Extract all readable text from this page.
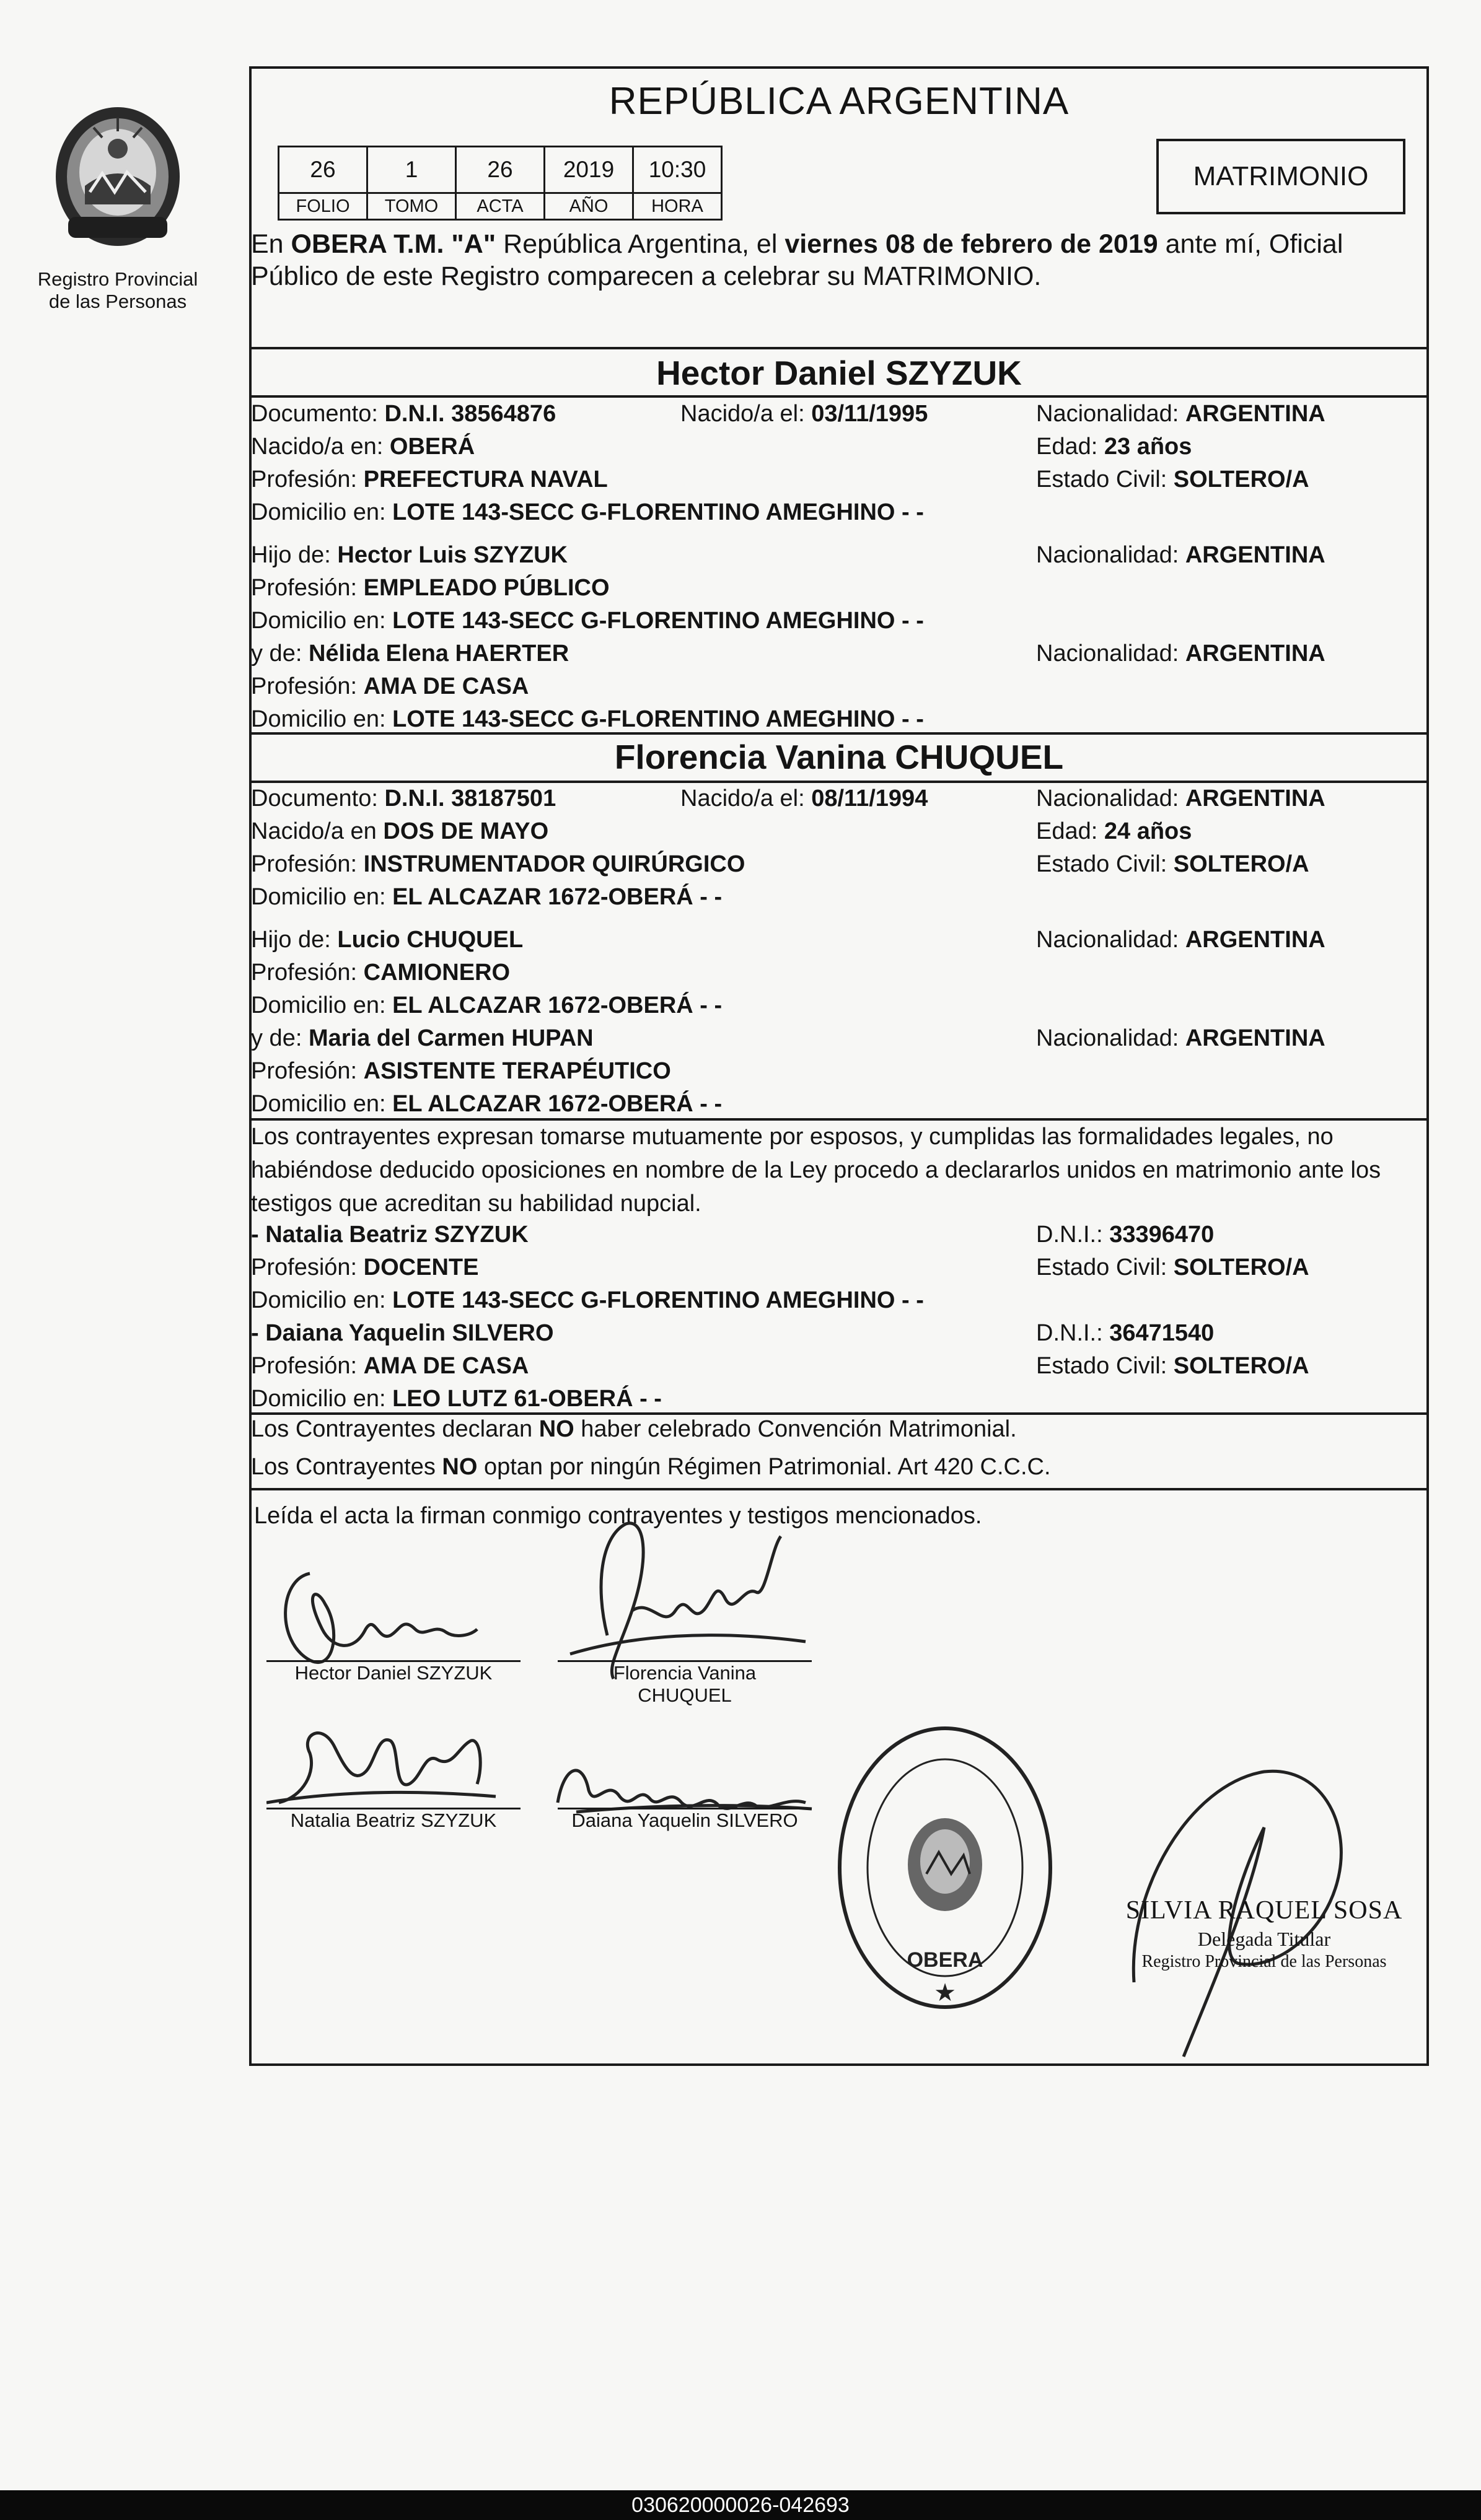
Registro Provincial
de las Personas
REPÚBLICA ARGENTINA
26	1	26	2019	10:30
FOLIO	TOMO	ACTA	AÑO	HORA
MATRIMONIO
En OBERA T.M. "A" República Argentina, el viernes 08 de febrero de 2019 ante mí, Oficial Público de este Registro comparecen a celebrar su MATRIMONIO.
Hector Daniel SZYZUK
Documento: D.N.I. 38564876	Nacido/a el: 03/11/1995	Nacionalidad: ARGENTINA
Nacido/a en: OBERÁ	Edad: 23 años
Profesión: PREFECTURA NAVAL	Estado Civil: SOLTERO/A
Domicilio en: LOTE 143-SECC G-FLORENTINO AMEGHINO - -
Hijo de: Hector Luis SZYZUK	Nacionalidad: ARGENTINA
Profesión: EMPLEADO PÚBLICO
Domicilio en: LOTE 143-SECC G-FLORENTINO AMEGHINO - -
y de: Nélida Elena HAERTER	Nacionalidad: ARGENTINA
Profesión: AMA DE CASA
Domicilio en: LOTE 143-SECC G-FLORENTINO AMEGHINO - -
Florencia Vanina CHUQUEL
Documento: D.N.I. 38187501	Nacido/a el: 08/11/1994	Nacionalidad: ARGENTINA
Nacido/a en DOS DE MAYO	Edad: 24 años
Profesión: INSTRUMENTADOR QUIRÚRGICO	Estado Civil: SOLTERO/A
Domicilio en: EL ALCAZAR 1672-OBERÁ - -
Hijo de: Lucio CHUQUEL	Nacionalidad: ARGENTINA
Profesión: CAMIONERO
Domicilio en: EL ALCAZAR 1672-OBERÁ - -
y de: Maria del Carmen HUPAN	Nacionalidad: ARGENTINA
Profesión: ASISTENTE TERAPÉUTICO
Domicilio en: EL ALCAZAR 1672-OBERÁ - -
Los contrayentes expresan tomarse mutuamente por esposos, y cumplidas las formalidades legales, no habiéndose deducido oposiciones en nombre de la Ley procedo a declararlos unidos en matrimonio ante los testigos que acreditan su habilidad nupcial.
- Natalia Beatriz SZYZUK	D.N.I.: 33396470
Profesión: DOCENTE	Estado Civil: SOLTERO/A
Domicilio en: LOTE 143-SECC G-FLORENTINO AMEGHINO - -
- Daiana Yaquelin SILVERO	D.N.I.: 36471540
Profesión: AMA DE CASA	Estado Civil: SOLTERO/A
Domicilio en: LEO LUTZ 61-OBERÁ - -
Los Contrayentes declaran NO haber celebrado Convención Matrimonial.
Los Contrayentes NO optan por ningún Régimen Patrimonial. Art 420 C.C.C.
Leída el acta la firman conmigo contrayentes y testigos mencionados.
Hector Daniel SZYZUK	Florencia Vanina
CHUQUEL
Natalia Beatriz SZYZUK	Daiana Yaquelin SILVERO
OBERA
★
SILVIA RAQUEL SOSA
Delegada Titular
Registro Provincial de las Personas
030620000026-042693
